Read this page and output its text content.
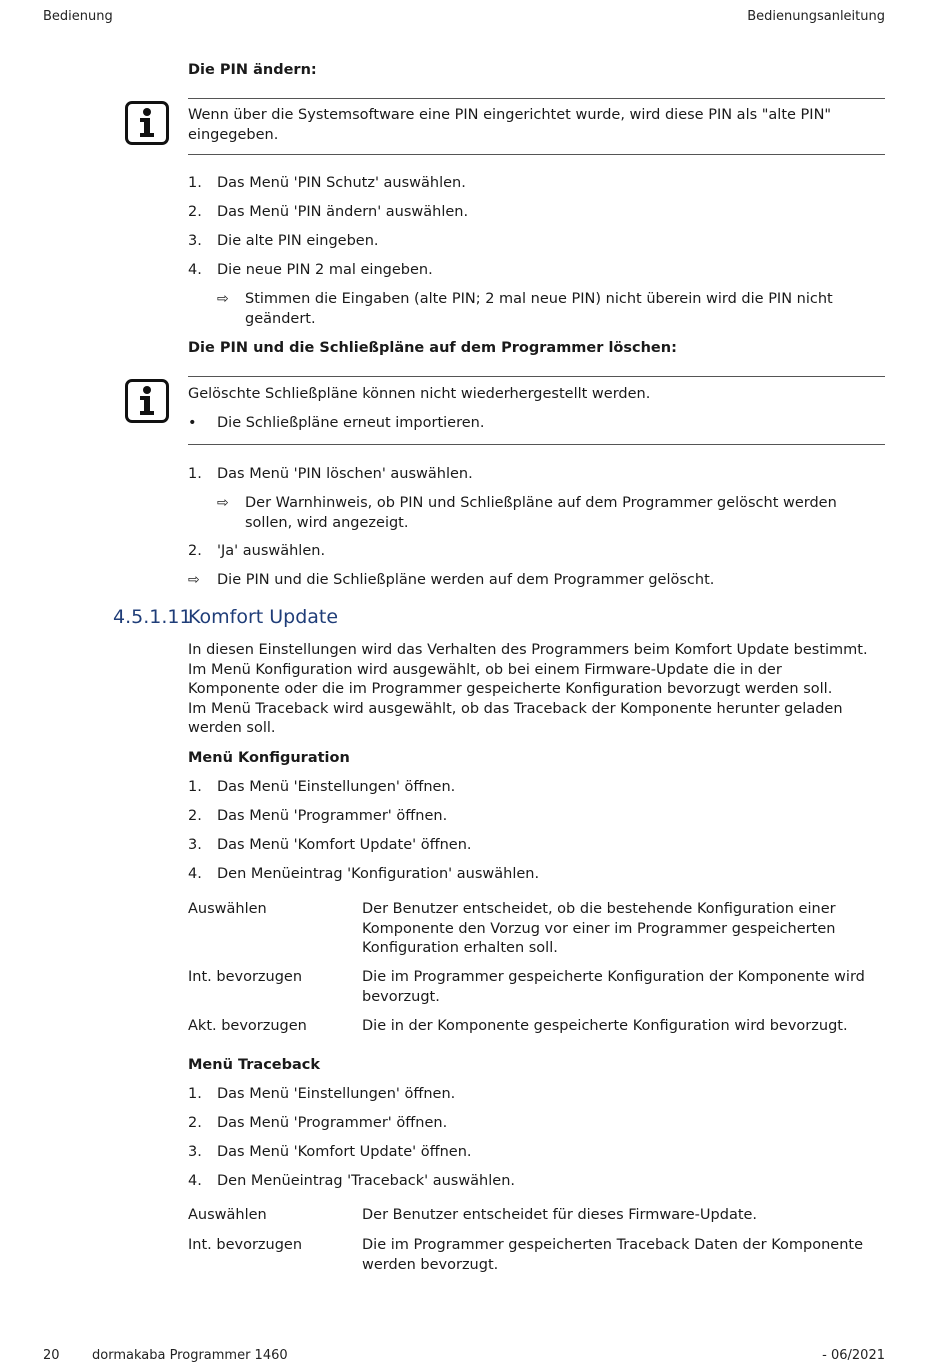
Bedienung	Bedienungsanleitung
Die PIN ändern:
Wenn über die Systemsoftware eine PIN eingerichtet wurde, wird diese PIN als "alte PIN" eingegeben.
1. Das Menü 'PIN Schutz' auswählen.
2. Das Menü 'PIN ändern' auswählen.
3. Die alte PIN eingeben.
4. Die neue PIN 2 mal eingeben.
⇨ Stimmen die Eingaben (alte PIN; 2 mal neue PIN) nicht überein wird die PIN nicht geändert.
Die PIN und die Schließpläne auf dem Programmer löschen:
Gelöschte Schließpläne können nicht wiederhergestellt werden.
• Die Schließpläne erneut importieren.
1. Das Menü 'PIN löschen' auswählen.
⇨ Der Warnhinweis, ob PIN und Schließpläne auf dem Programmer gelöscht werden sollen, wird angezeigt.
2. 'Ja' auswählen.
⇨ Die PIN und die Schließpläne werden auf dem Programmer gelöscht.
4.5.1.11
Komfort Update
In diesen Einstellungen wird das Verhalten des Programmers beim Komfort Update bestimmt.
Im Menü Konfiguration wird ausgewählt, ob bei einem Firmware-Update die in der
Komponente oder die im Programmer gespeicherte Konfiguration bevorzugt werden soll.
Im Menü Traceback wird ausgewählt, ob das Traceback der Komponente herunter geladen
werden soll.
Menü Konfiguration
1. Das Menü 'Einstellungen' öffnen.
2. Das Menü 'Programmer' öffnen.
3. Das Menü 'Komfort Update' öffnen.
4. Den Menüeintrag 'Konfiguration' auswählen.
Auswählen	Der Benutzer entscheidet, ob die bestehende Konfiguration einer Komponente den Vorzug vor einer im Programmer gespeicherten Konfiguration erhalten soll.
Int. bevorzugen	Die im Programmer gespeicherte Konfiguration der Komponente wird bevorzugt.
Akt. bevorzugen	Die in der Komponente gespeicherte Konfiguration wird bevorzugt.
Menü Traceback
1. Das Menü 'Einstellungen' öffnen.
2. Das Menü 'Programmer' öffnen.
3. Das Menü 'Komfort Update' öffnen.
4. Den Menüeintrag 'Traceback' auswählen.
Auswählen	Der Benutzer entscheidet für dieses Firmware-Update.
Int. bevorzugen	Die im Programmer gespeicherten Traceback Daten der Komponente werden bevorzugt.
20 dormakaba Programmer 1460	- 06/2021
